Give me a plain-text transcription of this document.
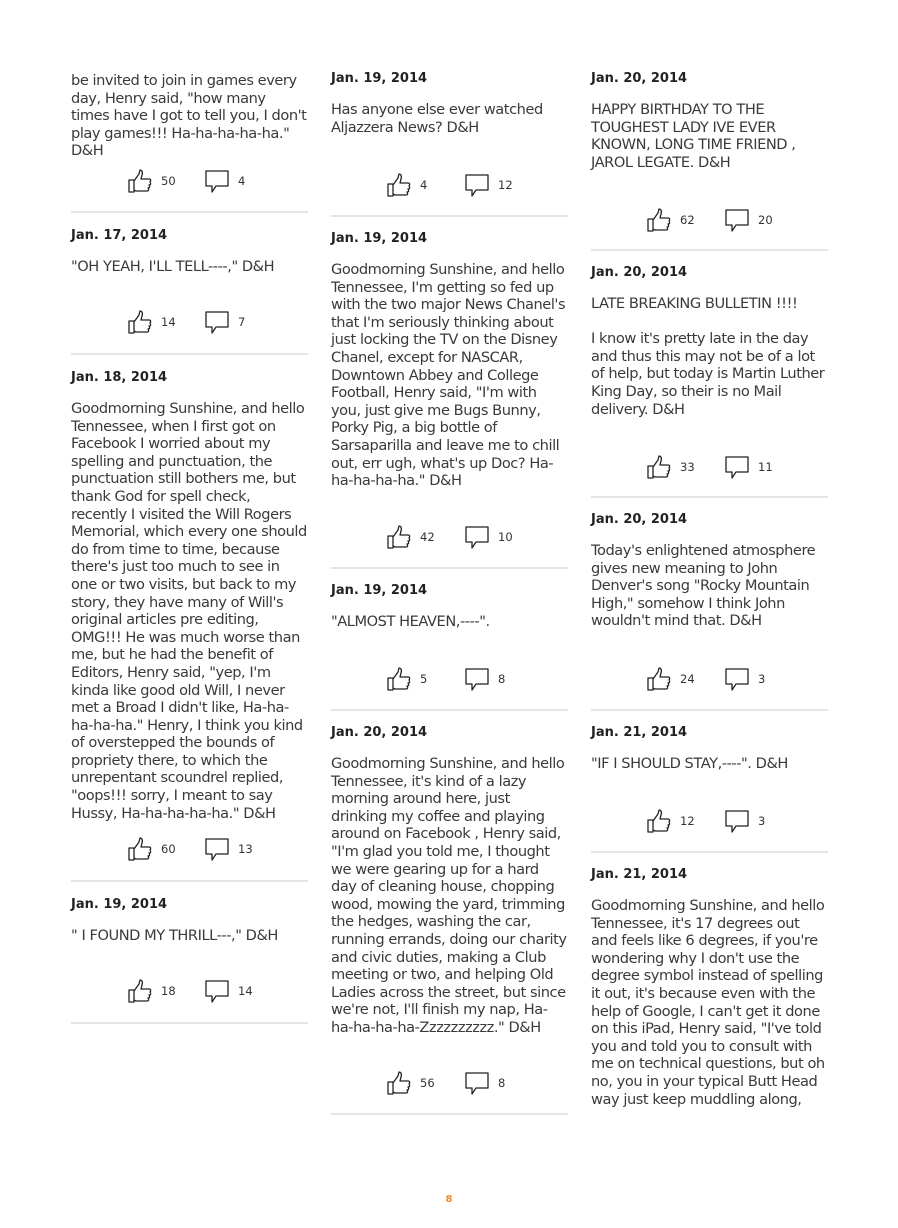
be invited to join in games every day, Henry said, "how many times have I got to tell you, I don't play games!!! Ha-ha-ha-ha-ha." D&H

50	4

Jan. 17, 2014

"OH YEAH, I'LL TELL----," D&H

14	7

Jan. 18, 2014

Goodmorning Sunshine, and hello Tennessee, when I first got on Facebook I worried about my spelling and punctuation, the punctuation still bothers me, but thank God for spell check, recently I visited the Will Rogers Memorial, which every one should do from time to time, because there's just too much to see in one or two visits, but back to my story, they have many of Will's original articles pre editing, OMG!!! He was much worse than me, but he had the benefit of Editors, Henry said, "yep, I'm kinda like good old Will, I never met a Broad I didn't like, Ha-ha-ha-ha-ha." Henry, I think you kind of overstepped the bounds of propriety there, to which the unrepentant scoundrel replied, "oops!!! sorry, I meant to say Hussy, Ha-ha-ha-ha-ha." D&H

60	13

Jan. 19, 2014

" I FOUND MY THRILL---," D&H

18	14

Jan. 19, 2014

Has anyone else ever watched Aljazzera News? D&H

4	12

Jan. 19, 2014

Goodmorning Sunshine, and hello Tennessee, I'm getting so fed up with the two major News Chanel's that I'm seriously thinking about just locking the TV on the Disney Chanel, except for NASCAR, Downtown Abbey and College Football, Henry said, "I'm with you, just give me Bugs Bunny, Porky Pig, a big bottle of Sarsaparilla and leave me to chill out, err ugh, what's up Doc? Ha-ha-ha-ha-ha." D&H

42	10

Jan. 19, 2014

"ALMOST HEAVEN,----".

5	8

Jan. 20, 2014

Goodmorning Sunshine, and hello Tennessee, it's kind of a lazy morning around here, just drinking my coffee and playing around on Facebook , Henry said, "I'm glad you told me, I thought we were gearing up for a hard day of cleaning house, chopping wood, mowing the yard, trimming the hedges, washing the car, running errands, doing our charity and civic duties, making a Club meeting or two, and helping Old Ladies across the street, but since we're not, I'll finish my nap, Ha-ha-ha-ha-ha-Zzzzzzzzzz." D&H

56	8

Jan. 20, 2014

HAPPY BIRTHDAY TO THE TOUGHEST LADY IVE EVER KNOWN, LONG TIME FRIEND , JAROL LEGATE. D&H

62	20

Jan. 20, 2014

LATE BREAKING BULLETIN !!!!

I know it's pretty late in the day and thus this may not be of a lot of help, but today is Martin Luther King Day, so their is no Mail delivery. D&H

33	11

Jan. 20, 2014

Today's enlightened atmosphere gives new meaning to John Denver's song "Rocky Mountain High," somehow I think John wouldn't mind that. D&H

24	3

Jan. 21, 2014

"IF I SHOULD STAY,----". D&H

12	3

Jan. 21, 2014

Goodmorning Sunshine, and hello Tennessee, it's 17 degrees out and feels like 6 degrees, if you're wondering why I don't use the degree symbol instead of spelling it out, it's because even with the help of Google, I can't get it done on this iPad, Henry said, "I've told you and told you to consult with me on technical questions, but oh no, you in your typical Butt Head way just keep muddling along,

8
